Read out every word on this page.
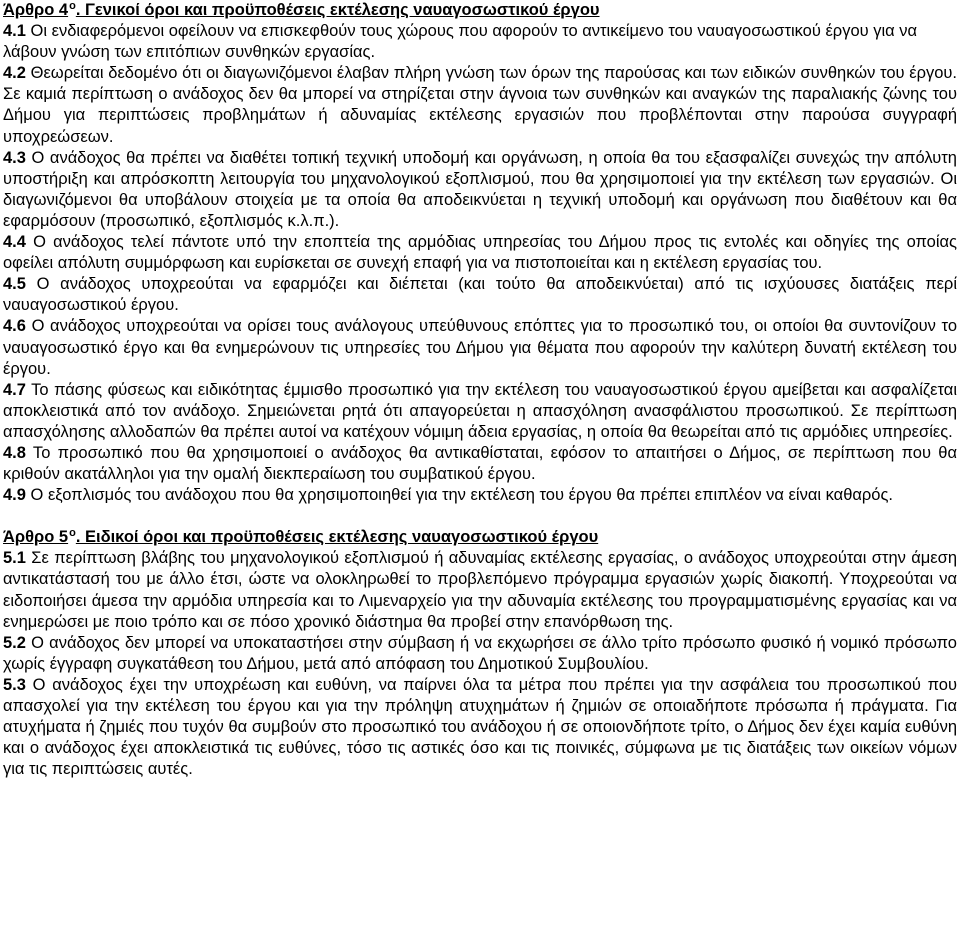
Άρθρο $4^o$. Γενικοί όροι και προϋποθέσεις εκτέλεσης ναυαγοσωστικού έργου

4.1 Οι ενδιαφερόμενοι οφείλουν να επισκεφθούν τους χώρους που αφορούν το αντικείμενο του ναυαγοσωστικού έργου για να λάβουν γνώση των επιτόπιων συνθηκών εργασίας.

4.2 Θεωρείται δεδομένο ότι οι διαγωνιζόμενοι έλαβαν πλήρη γνώση των όρων της παρούσας και των ειδικών συνθηκών του έργου. Σε καμιά περίπτωση ο ανάδοχος δεν θα μπορεί να στηρίζεται στην άγνοια των συνθηκών και αναγκών της παραλιακής ζώνης του Δήμου για περιπτώσεις προβλημάτων ή αδυναμίας εκτέλεσης εργασιών που προβλέπονται στην παρούσα συγγραφή υποχρεώσεων.

4.3 Ο ανάδοχος θα πρέπει να διαθέτει τοπική τεχνική υποδομή και οργάνωση, η οποία θα του εξασφαλίζει συνεχώς την απόλυτη υποστήριξη και απρόσκοπτη λειτουργία του μηχανολογικού εξοπλισμού, που θα χρησιμοποιεί για την εκτέλεση των εργασιών. Οι διαγωνιζόμενοι θα υποβάλουν στοιχεία με τα οποία θα αποδεικνύεται η τεχνική υποδομή και οργάνωση που διαθέτουν και θα εφαρμόσουν (προσωπικό, εξοπλισμός κ.λ.π.).

4.4 Ο ανάδοχος τελεί πάντοτε υπό την εποπτεία της αρμόδιας υπηρεσίας του Δήμου προς τις εντολές και οδηγίες της οποίας οφείλει απόλυτη συμμόρφωση και ευρίσκεται σε συνεχή επαφή για να πιστοποιείται και η εκτέλεση εργασίας του.

4.5 Ο ανάδοχος υποχρεούται να εφαρμόζει και διέπεται (και τούτο θα αποδεικνύεται) από τις ισχύουσες διατάξεις περί ναυαγοσωστικού έργου.

4.6 Ο ανάδοχος υποχρεούται να ορίσει τους ανάλογους υπεύθυνους επόπτες για το προσωπικό του, οι οποίοι θα συντονίζουν το ναυαγοσωστικό έργο και θα ενημερώνουν τις υπηρεσίες του Δήμου για θέματα που αφορούν την καλύτερη δυνατή εκτέλεση του έργου.

4.7 Το πάσης φύσεως και ειδικότητας έμμισθο προσωπικό για την εκτέλεση του ναυαγοσωστικού έργου αμείβεται και ασφαλίζεται αποκλειστικά από τον ανάδοχο. Σημειώνεται ρητά ότι απαγορεύεται η απασχόληση ανασφάλιστου προσωπικού. Σε περίπτωση απασχόλησης αλλοδαπών θα πρέπει αυτοί να κατέχουν νόμιμη άδεια εργασίας, η οποία θα θεωρείται από τις αρμόδιες υπηρεσίες.

4.8 Το προσωπικό που θα χρησιμοποιεί ο ανάδοχος θα αντικαθίσταται, εφόσον το απαιτήσει ο Δήμος, σε περίπτωση που θα κριθούν ακατάλληλοι για την ομαλή διεκπεραίωση του συμβατικού έργου.

4.9 Ο εξοπλισμός του ανάδοχου που θα χρησιμοποιηθεί για την εκτέλεση του έργου θα πρέπει επιπλέον να είναι καθαρός.

Άρθρο $5^o$. Ειδικοί όροι και προϋποθέσεις εκτέλεσης ναυαγοσωστικού έργου

5.1 Σε περίπτωση βλάβης του μηχανολογικού εξοπλισμού ή αδυναμίας εκτέλεσης εργασίας, ο ανάδοχος υποχρεούται στην άμεση αντικατάστασή του με άλλο έτσι, ώστε να ολοκληρωθεί το προβλεπόμενο πρόγραμμα εργασιών χωρίς διακοπή. Υποχρεούται να ειδοποιήσει άμεσα την αρμόδια υπηρεσία και το Λιμεναρχείο για την αδυναμία εκτέλεσης του προγραμματισμένης εργασίας και να ενημερώσει με ποιο τρόπο και σε πόσο χρονικό διάστημα θα προβεί στην επανόρθωση της.

5.2 Ο ανάδοχος δεν μπορεί να υποκαταστήσει στην σύμβαση ή να εκχωρήσει σε άλλο τρίτο πρόσωπο φυσικό ή νομικό πρόσωπο χωρίς έγγραφη συγκατάθεση του Δήμου, μετά από απόφαση του Δημοτικού Συμβουλίου.

5.3 Ο ανάδοχος έχει την υποχρέωση και ευθύνη, να παίρνει όλα τα μέτρα που πρέπει για την ασφάλεια του προσωπικού που απασχολεί για την εκτέλεση του έργου και για την πρόληψη ατυχημάτων ή ζημιών σε οποιαδήποτε πρόσωπα ή πράγματα. Για ατυχήματα ή ζημιές που τυχόν θα συμβούν στο προσωπικό του ανάδοχου ή σε οποιονδήποτε τρίτο, ο Δήμος δεν έχει καμία ευθύνη και ο ανάδοχος έχει αποκλειστικά τις ευθύνες, τόσο τις αστικές όσο και τις ποινικές, σύμφωνα με τις διατάξεις των οικείων νόμων για τις περιπτώσεις αυτές.
